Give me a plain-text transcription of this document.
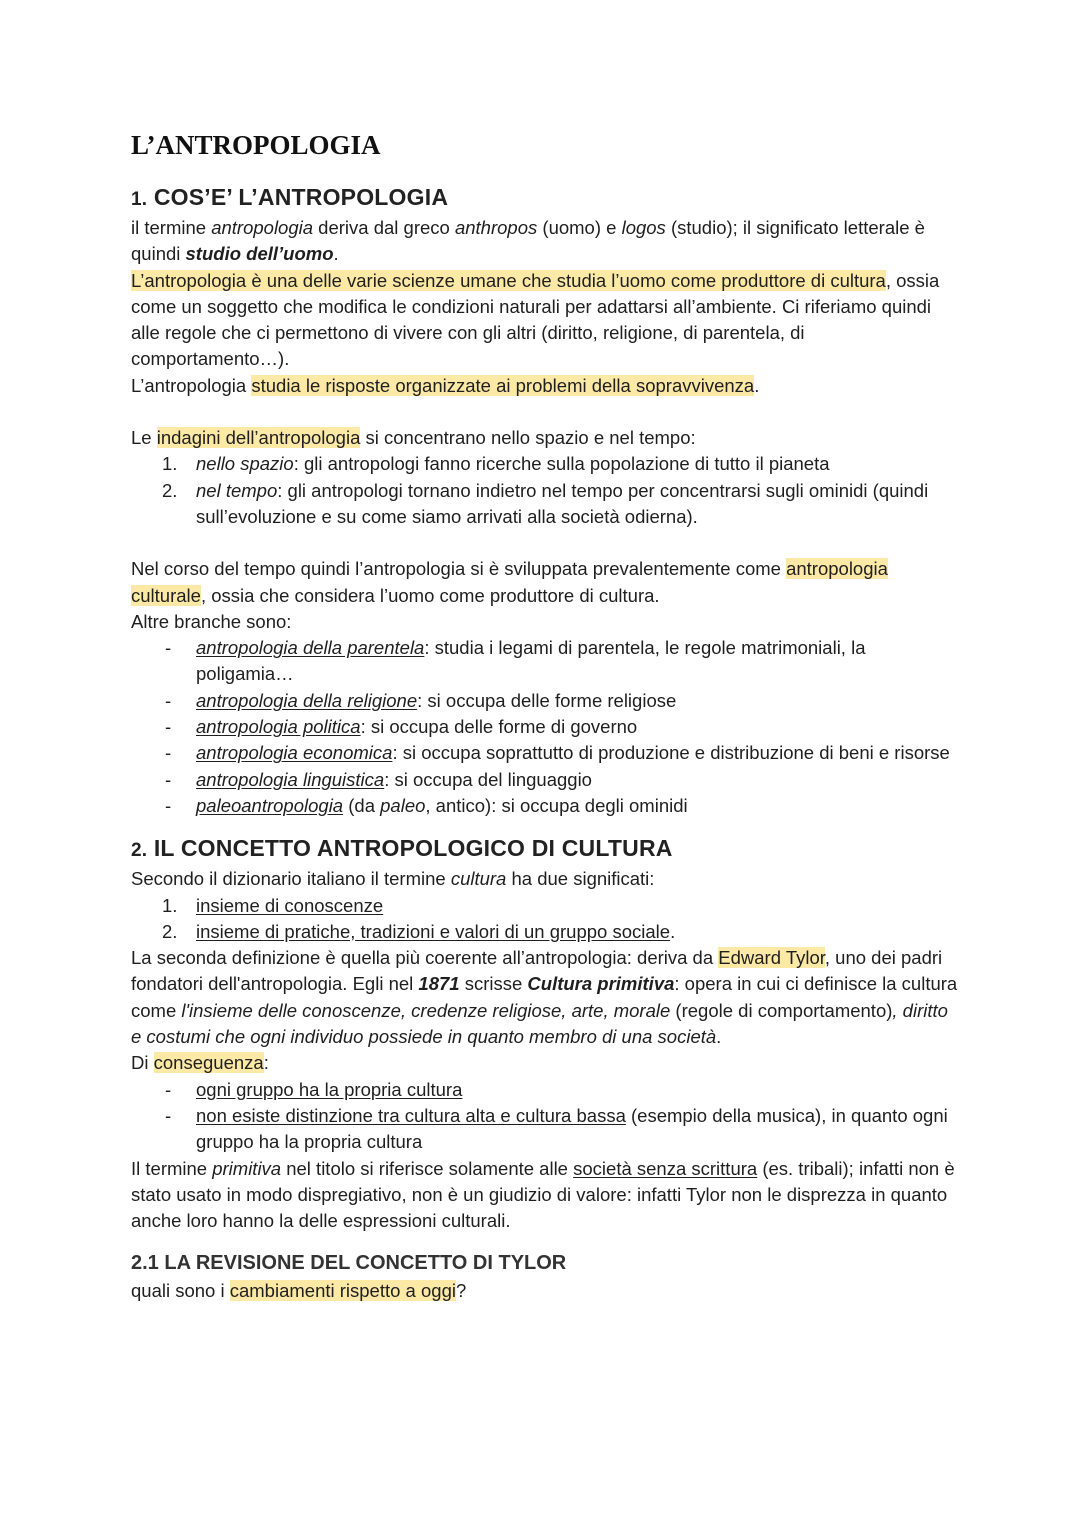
L’ANTROPOLOGIA
1. COS’E’ L’ANTROPOLOGIA

il termine antropologia deriva dal greco anthropos (uomo) e logos (studio); il significato letterale è quindi studio dell’uomo.

L’antropologia è una delle varie scienze umane che studia l’uomo come produttore di cultura, ossia come un soggetto che modifica le condizioni naturali per adattarsi all’ambiente. Ci riferiamo quindi alle regole che ci permettono di vivere con gli altri (diritto, religione, di parentela, di comportamento…).

L’antropologia studia le risposte organizzate ai problemi della sopravvivenza.

Le indagini dell’antropologia si concentrano nello spazio e nel tempo:

1. nello spazio: gli antropologi fanno ricerche sulla popolazione di tutto il pianeta
2. nel tempo: gli antropologi tornano indietro nel tempo per concentrarsi sugli ominidi (quindi sull’evoluzione e su come siamo arrivati alla società odierna).

Nel corso del tempo quindi l’antropologia si è sviluppata prevalentemente come antropologia culturale, ossia che considera l’uomo come produttore di cultura.

Altre branche sono:

- antropologia della parentela: studia i legami di parentela, le regole matrimoniali, la poligamia…
- antropologia della religione: si occupa delle forme religiose
- antropologia politica: si occupa delle forme di governo
- antropologia economica: si occupa soprattutto di produzione e distribuzione di beni e risorse
- antropologia linguistica: si occupa del linguaggio
- paleoantropologia (da paleo, antico): si occupa degli ominidi
2. IL CONCETTO ANTROPOLOGICO DI CULTURA

Secondo il dizionario italiano il termine cultura ha due significati:

1. insieme di conoscenze
2. insieme di pratiche, tradizioni e valori di un gruppo sociale.

La seconda definizione è quella più coerente all’antropologia: deriva da Edward Tylor, uno dei padri fondatori dell'antropologia. Egli nel 1871 scrisse Cultura primitiva: opera in cui ci definisce la cultura come l'insieme delle conoscenze, credenze religiose, arte, morale (regole di comportamento), diritto e costumi che ogni individuo possiede in quanto membro di una società.

Di conseguenza:

- ogni gruppo ha la propria cultura
- non esiste distinzione tra cultura alta e cultura bassa (esempio della musica), in quanto ogni gruppo ha la propria cultura

Il termine primitiva nel titolo si riferisce solamente alle società senza scrittura (es. tribali); infatti non è stato usato in modo dispregiativo, non è un giudizio di valore: infatti Tylor non le disprezza in quanto anche loro hanno la delle espressioni culturali.

2.1 LA REVISIONE DEL CONCETTO DI TYLOR

quali sono i cambiamenti rispetto a oggi?
